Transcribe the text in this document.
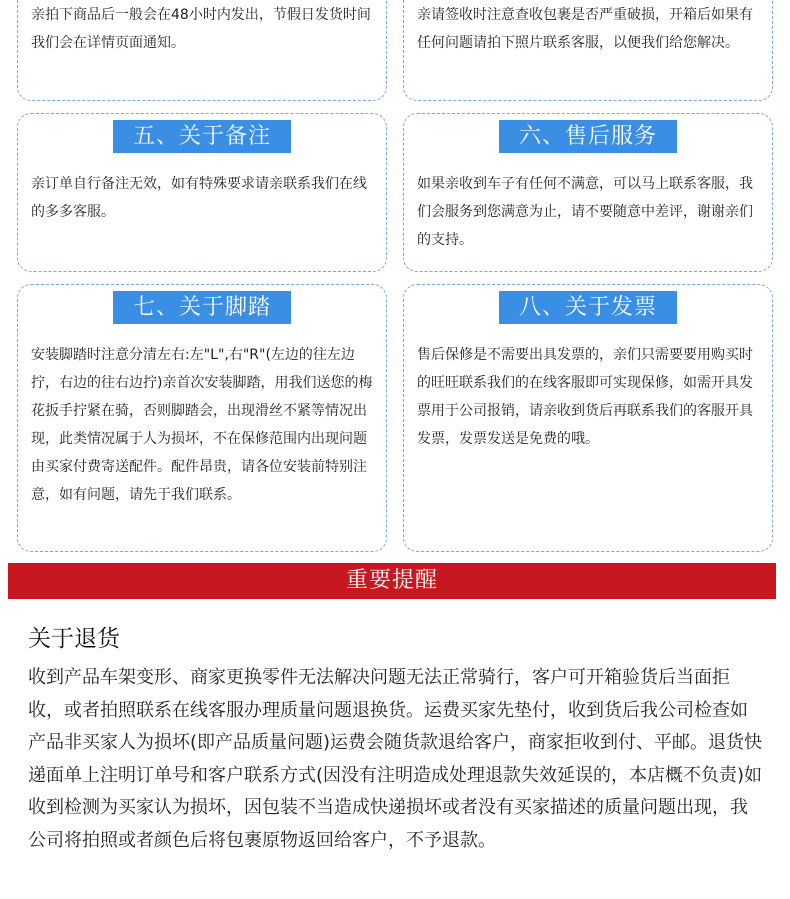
亲拍下商品后一般会在48小时内发出，节假日发货时间我们会在详情页面通知。
亲请签收时注意查收包裹是否严重破损，开箱后如果有任何问题请拍下照片联系客服，以便我们给您解决。
五、关于备注
亲订单自行备注无效，如有特殊要求请亲联系我们在线的多多客服。
六、售后服务
如果亲收到车子有任何不满意，可以马上联系客服，我们会服务到您满意为止，请不要随意中差评，谢谢亲们的支持。
七、关于脚踏
安装脚踏时注意分清左右:左"L",右"R"(左边的往左边拧，右边的往右边拧)亲首次安装脚踏，用我们送您的梅花扳手拧紧在骑，否则脚踏会，出现滑丝不紧等情况出现，此类情况属于人为损坏，不在保修范围内出现问题由买家付费寄送配件。配件昂贵，请各位安装前特别注意，如有问题，请先于我们联系。
八、关于发票
售后保修是不需要出具发票的，亲们只需要要用购买时的旺旺联系我们的在线客服即可实现保修，如需开具发票用于公司报销，请亲收到货后再联系我们的客服开具发票，发票发送是免费的哦。
重要提醒
关于退货
收到产品车架变形、商家更换零件无法解决问题无法正常骑行，客户可开箱验货后当面拒收，或者拍照联系在线客服办理质量问题退换货。运费买家先垫付，收到货后我公司检查如产品非买家人为损坏(即产品质量问题)运费会随货款退给客户，商家拒收到付、平邮。退货快递面单上注明订单号和客户联系方式(因没有注明造成处理退款失效延误的，本店概不负责)如收到检测为买家认为损坏，因包装不当造成快递损坏或者没有买家描述的质量问题出现，我公司将拍照或者颜色后将包裹原物返回给客户，不予退款。
